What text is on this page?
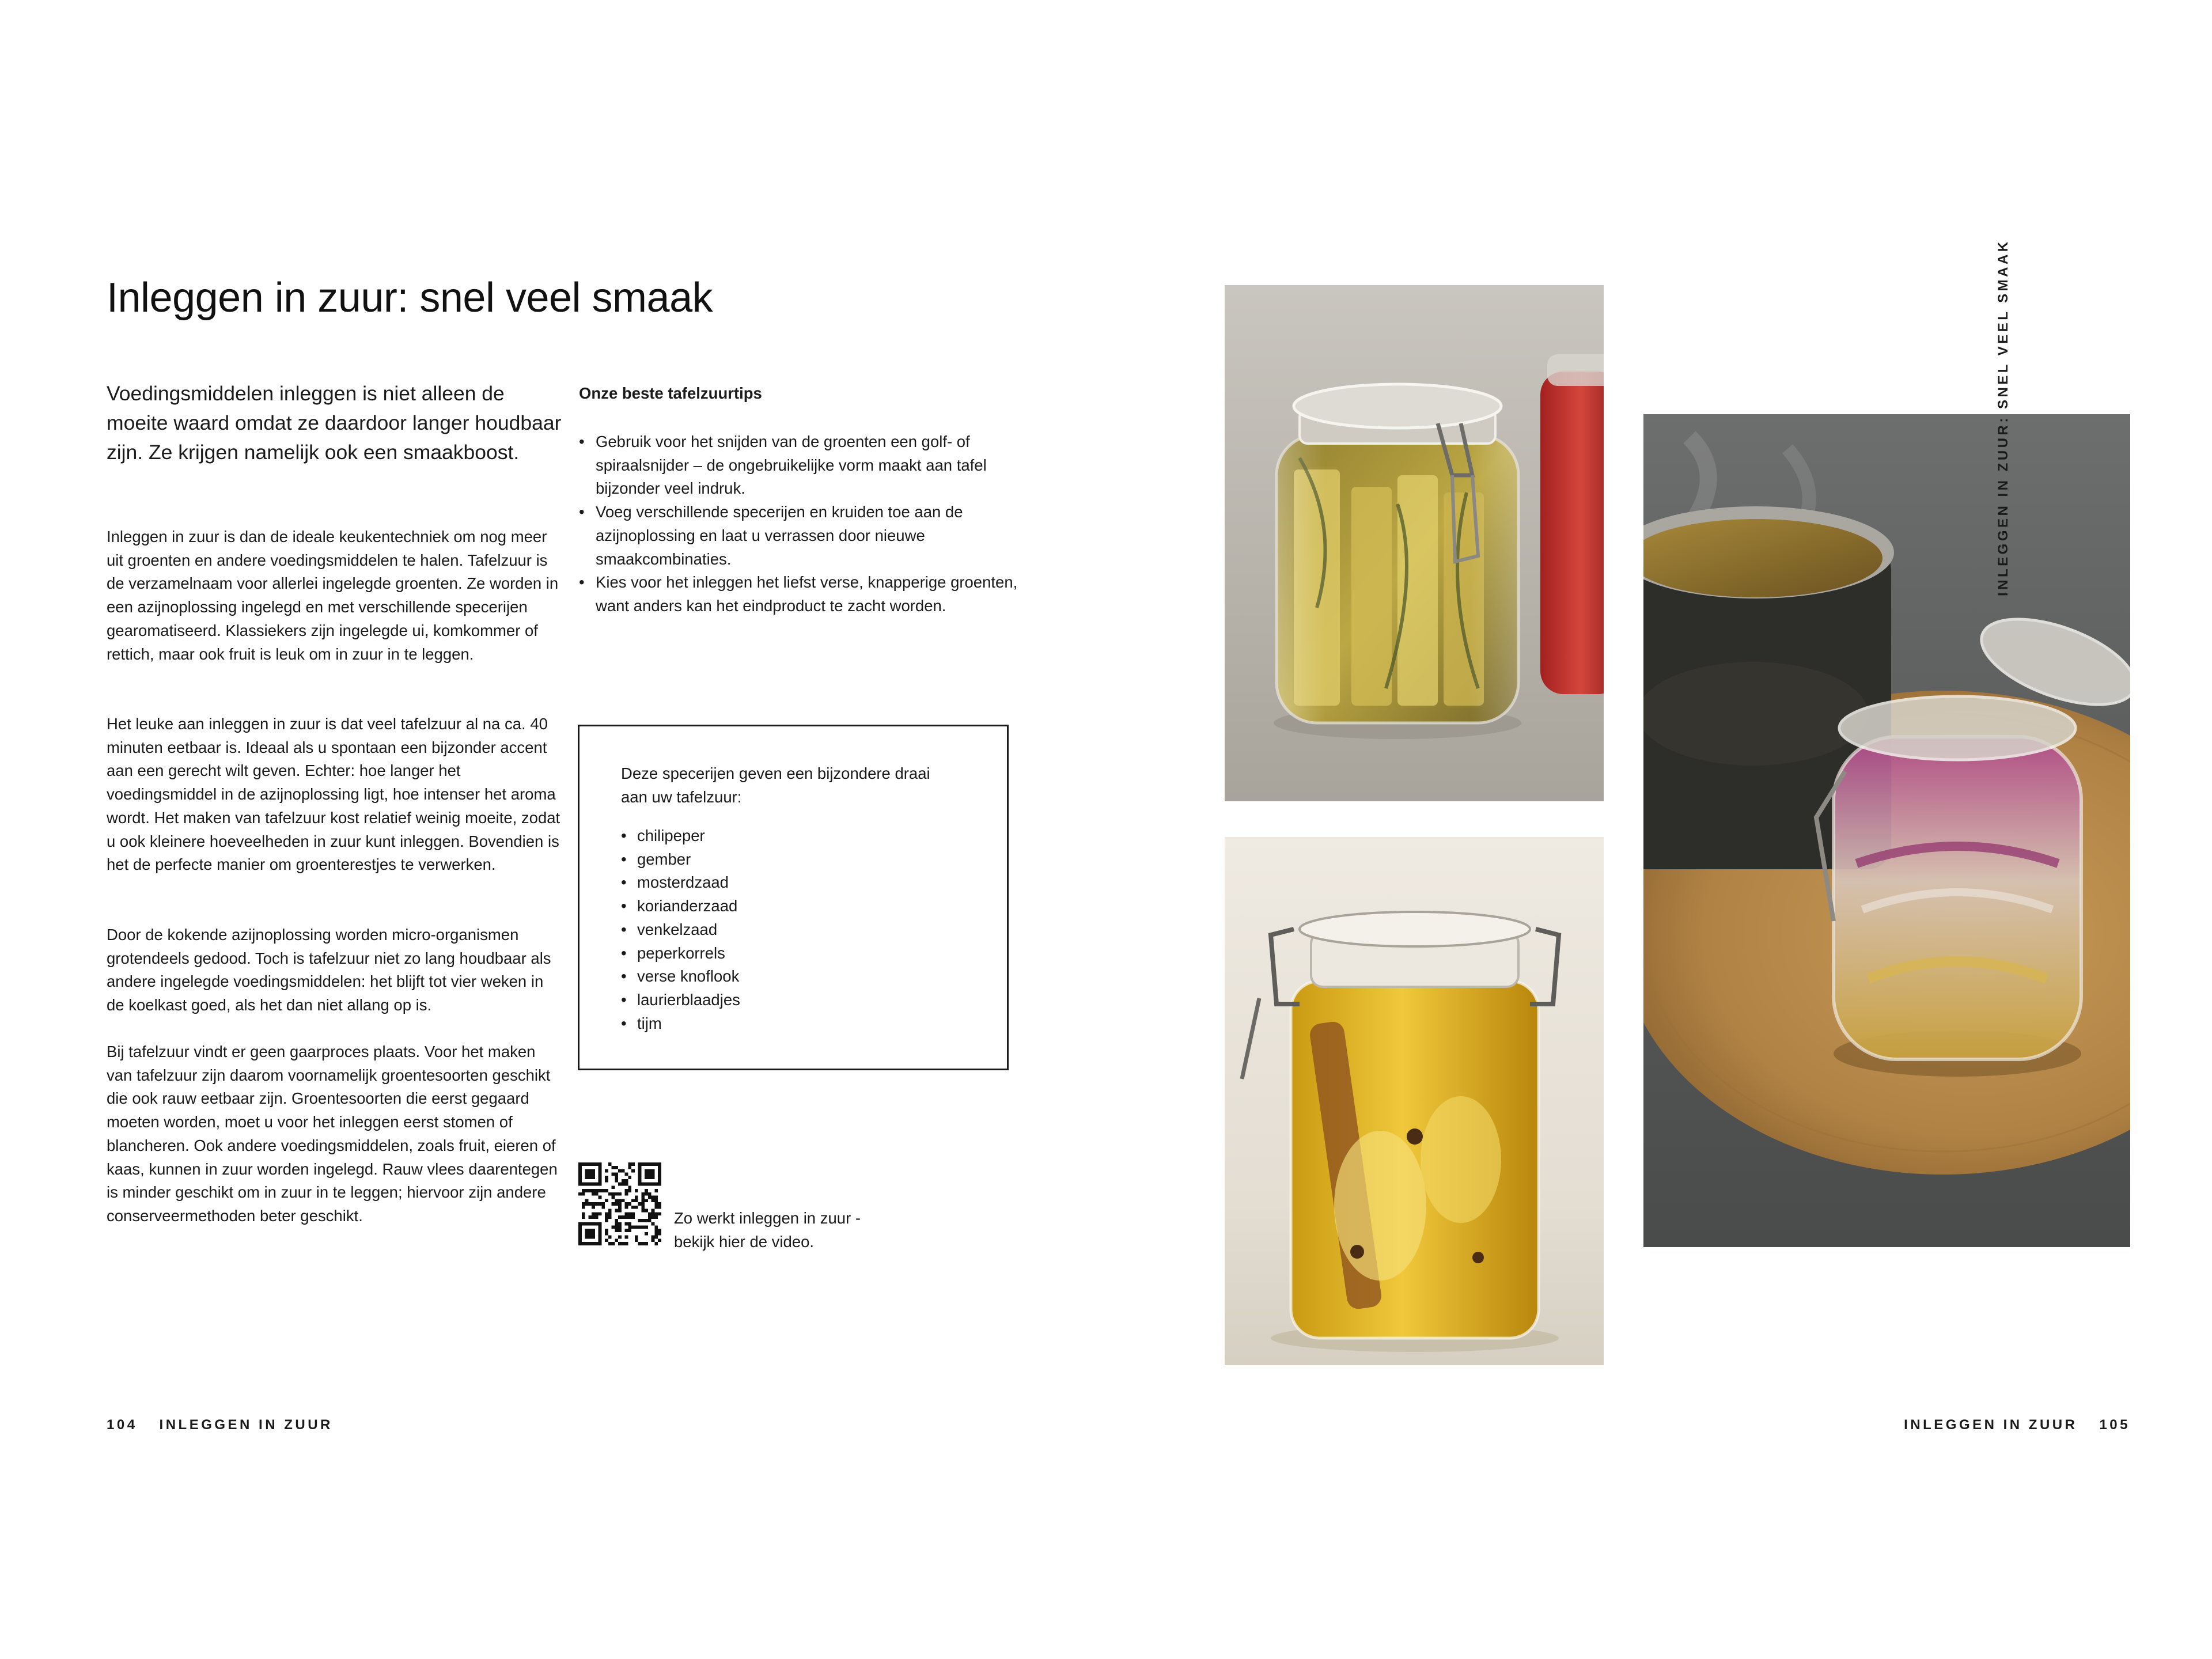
Inleggen in zuur: snel veel smaak

Voedingsmiddelen inleggen is niet alleen de moeite waard omdat ze daardoor langer houdbaar zijn. Ze krijgen namelijk ook een smaakboost.

Inleggen in zuur is dan de ideale keukentechniek om nog meer uit groenten en andere voedingsmiddelen te halen. Tafelzuur is de verzamelnaam voor allerlei ingelegde groenten. Ze worden in een azijnoplossing ingelegd en met verschillende specerijen gearomatiseerd. Klassiekers zijn ingelegde ui, komkommer of rettich, maar ook fruit is leuk om in zuur in te leggen.

Het leuke aan inleggen in zuur is dat veel tafelzuur al na ca. 40 minuten eetbaar is. Ideaal als u spontaan een bijzonder accent aan een gerecht wilt geven. Echter: hoe langer het voedingsmiddel in de azijnoplossing ligt, hoe intenser het aroma wordt. Het maken van tafelzuur kost relatief weinig moeite, zodat u ook kleinere hoeveelheden in zuur kunt inleggen. Bovendien is het de perfecte manier om groenterestjes te verwerken.

Door de kokende azijnoplossing worden micro-organismen grotendeels gedood. Toch is tafelzuur niet zo lang houdbaar als andere ingelegde voedingsmiddelen: het blijft tot vier weken in de koelkast goed, als het dan niet allang op is.

Bij tafelzuur vindt er geen gaarproces plaats. Voor het maken van tafelzuur zijn daarom voornamelijk groentesoorten geschikt die ook rauw eetbaar zijn. Groentesoorten die eerst gegaard moeten worden, moet u voor het inleggen eerst stomen of blancheren. Ook andere voedingsmiddelen, zoals fruit, eieren of kaas, kunnen in zuur worden ingelegd. Rauw vlees daarentegen is minder geschikt om in zuur in te leggen; hiervoor zijn andere conserveermethoden beter geschikt.

Onze beste tafelzuurtips
• Gebruik voor het snijden van de groenten een golf- of spiraalsnijder – de ongebruikelijke vorm maakt aan tafel bijzonder veel indruk.
• Voeg verschillende specerijen en kruiden toe aan de azijnoplossing en laat u verrassen door nieuwe smaakcombinaties.
• Kies voor het inleggen het liefst verse, knapperige groenten, want anders kan het eindproduct te zacht worden.

Deze specerijen geven een bijzondere draai aan uw tafelzuur:

• chilipeper
• gember
• mosterdzaad
• korianderzaad
• venkelzaad
• peperkorrels
• verse knoflook
• laurierblaadjes
• tijm

Zo werkt inleggen in zuur -
bekijk hier de video.

104 INLEGGEN IN ZUUR
INLEGGEN IN ZUUR: SNEL VEEL SMAAK
INLEGGEN IN ZUUR 105
